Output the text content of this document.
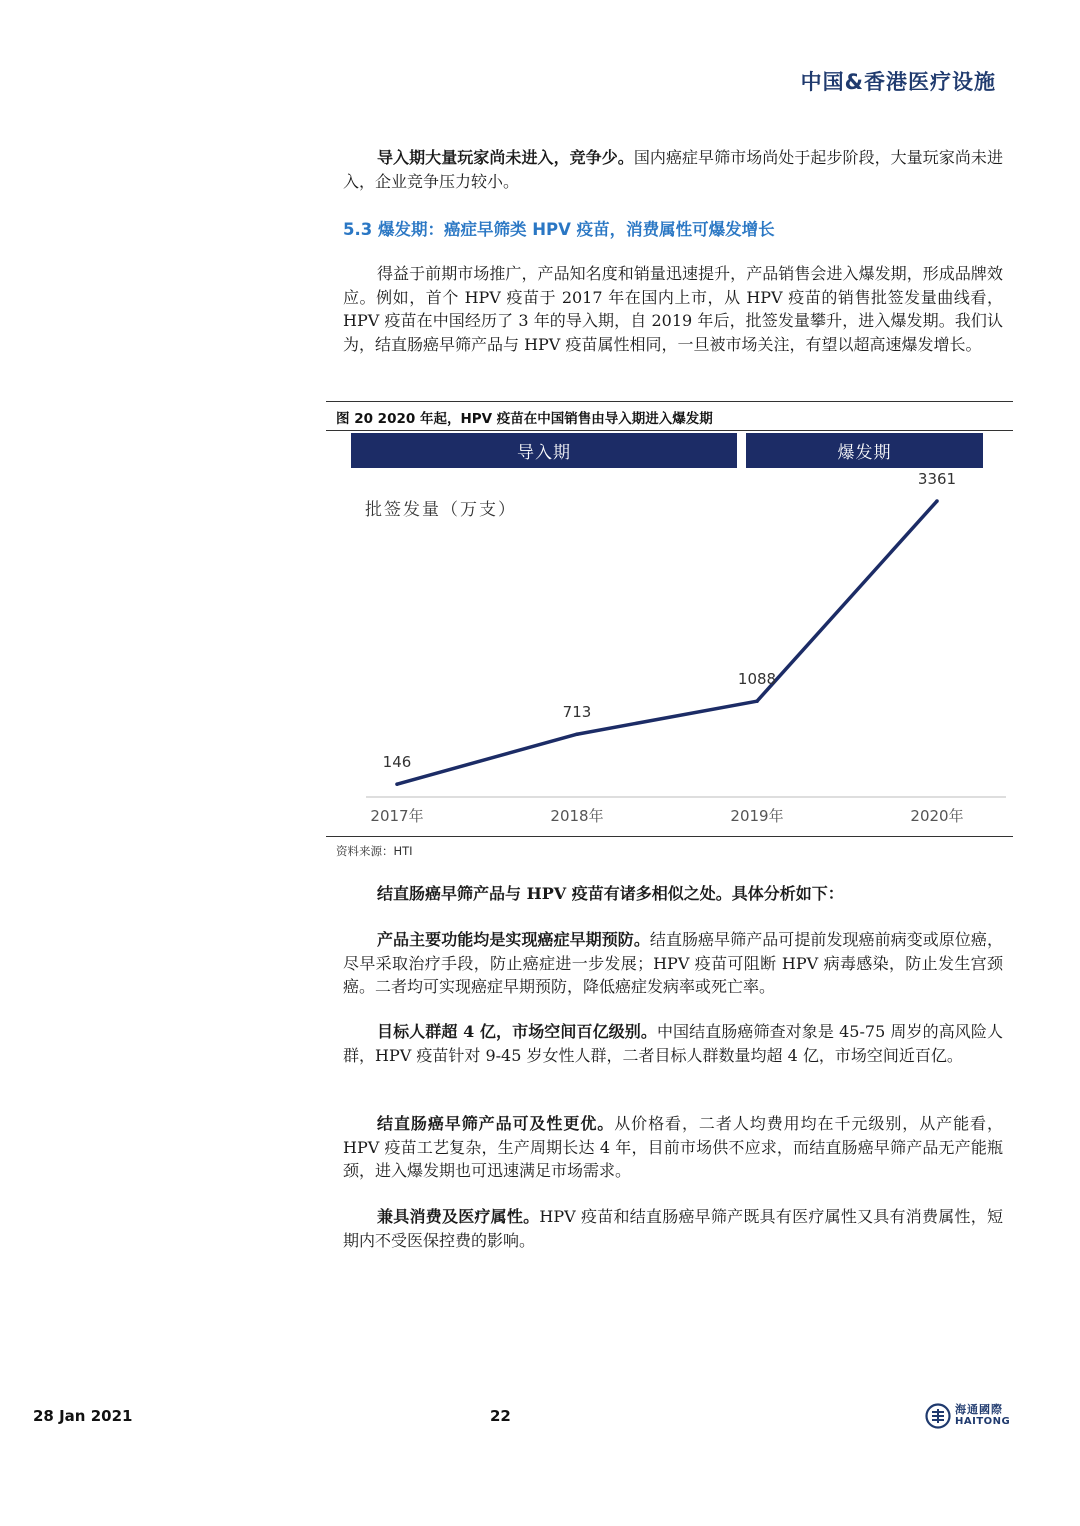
中国&香港医疗设施

导入期大量玩家尚未进入，竞争少。国内癌症早筛市场尚处于起步阶段，大量玩家尚未进入，企业竞争压力较小。

5.3 爆发期：癌症早筛类 HPV 疫苗，消费属性可爆发增长

得益于前期市场推广，产品知名度和销量迅速提升，产品销售会进入爆发期，形成品牌效应。例如，首个 HPV 疫苗于 2017 年在国内上市，从 HPV 疫苗的销售批签发量曲线看，HPV 疫苗在中国经历了 3 年的导入期，自 2019 年后，批签发量攀升，进入爆发期。我们认为，结直肠癌早筛产品与 HPV 疫苗属性相同，一旦被市场关注，有望以超高速爆发增长。

图 20 2020 年起，HPV 疫苗在中国销售由导入期进入爆发期
导入期	爆发期
批签发量（万支）
146
2017年
713
2018年
1088
2019年
3361
2020年
资料来源：HTI

结直肠癌早筛产品与 HPV 疫苗有诸多相似之处。具体分析如下：

产品主要功能均是实现癌症早期预防。结直肠癌早筛产品可提前发现癌前病变或原位癌，尽早采取治疗手段，防止癌症进一步发展；HPV 疫苗可阻断 HPV 病毒感染，防止发生宫颈癌。二者均可实现癌症早期预防，降低癌症发病率或死亡率。

目标人群超 4 亿，市场空间百亿级别。中国结直肠癌筛查对象是 45-75 周岁的高风险人群，HPV 疫苗针对 9-45 岁女性人群，二者目标人群数量均超 4 亿，市场空间近百亿。

结直肠癌早筛产品可及性更优。从价格看，二者人均费用均在千元级别，从产能看，HPV 疫苗工艺复杂，生产周期长达 4 年，目前市场供不应求，而结直肠癌早筛产品无产能瓶颈，进入爆发期也可迅速满足市场需求。

兼具消费及医疗属性。HPV 疫苗和结直肠癌早筛产既具有医疗属性又具有消费属性，短期内不受医保控费的影响。

28 Jan 2021	22	海通國際
HAITONG
